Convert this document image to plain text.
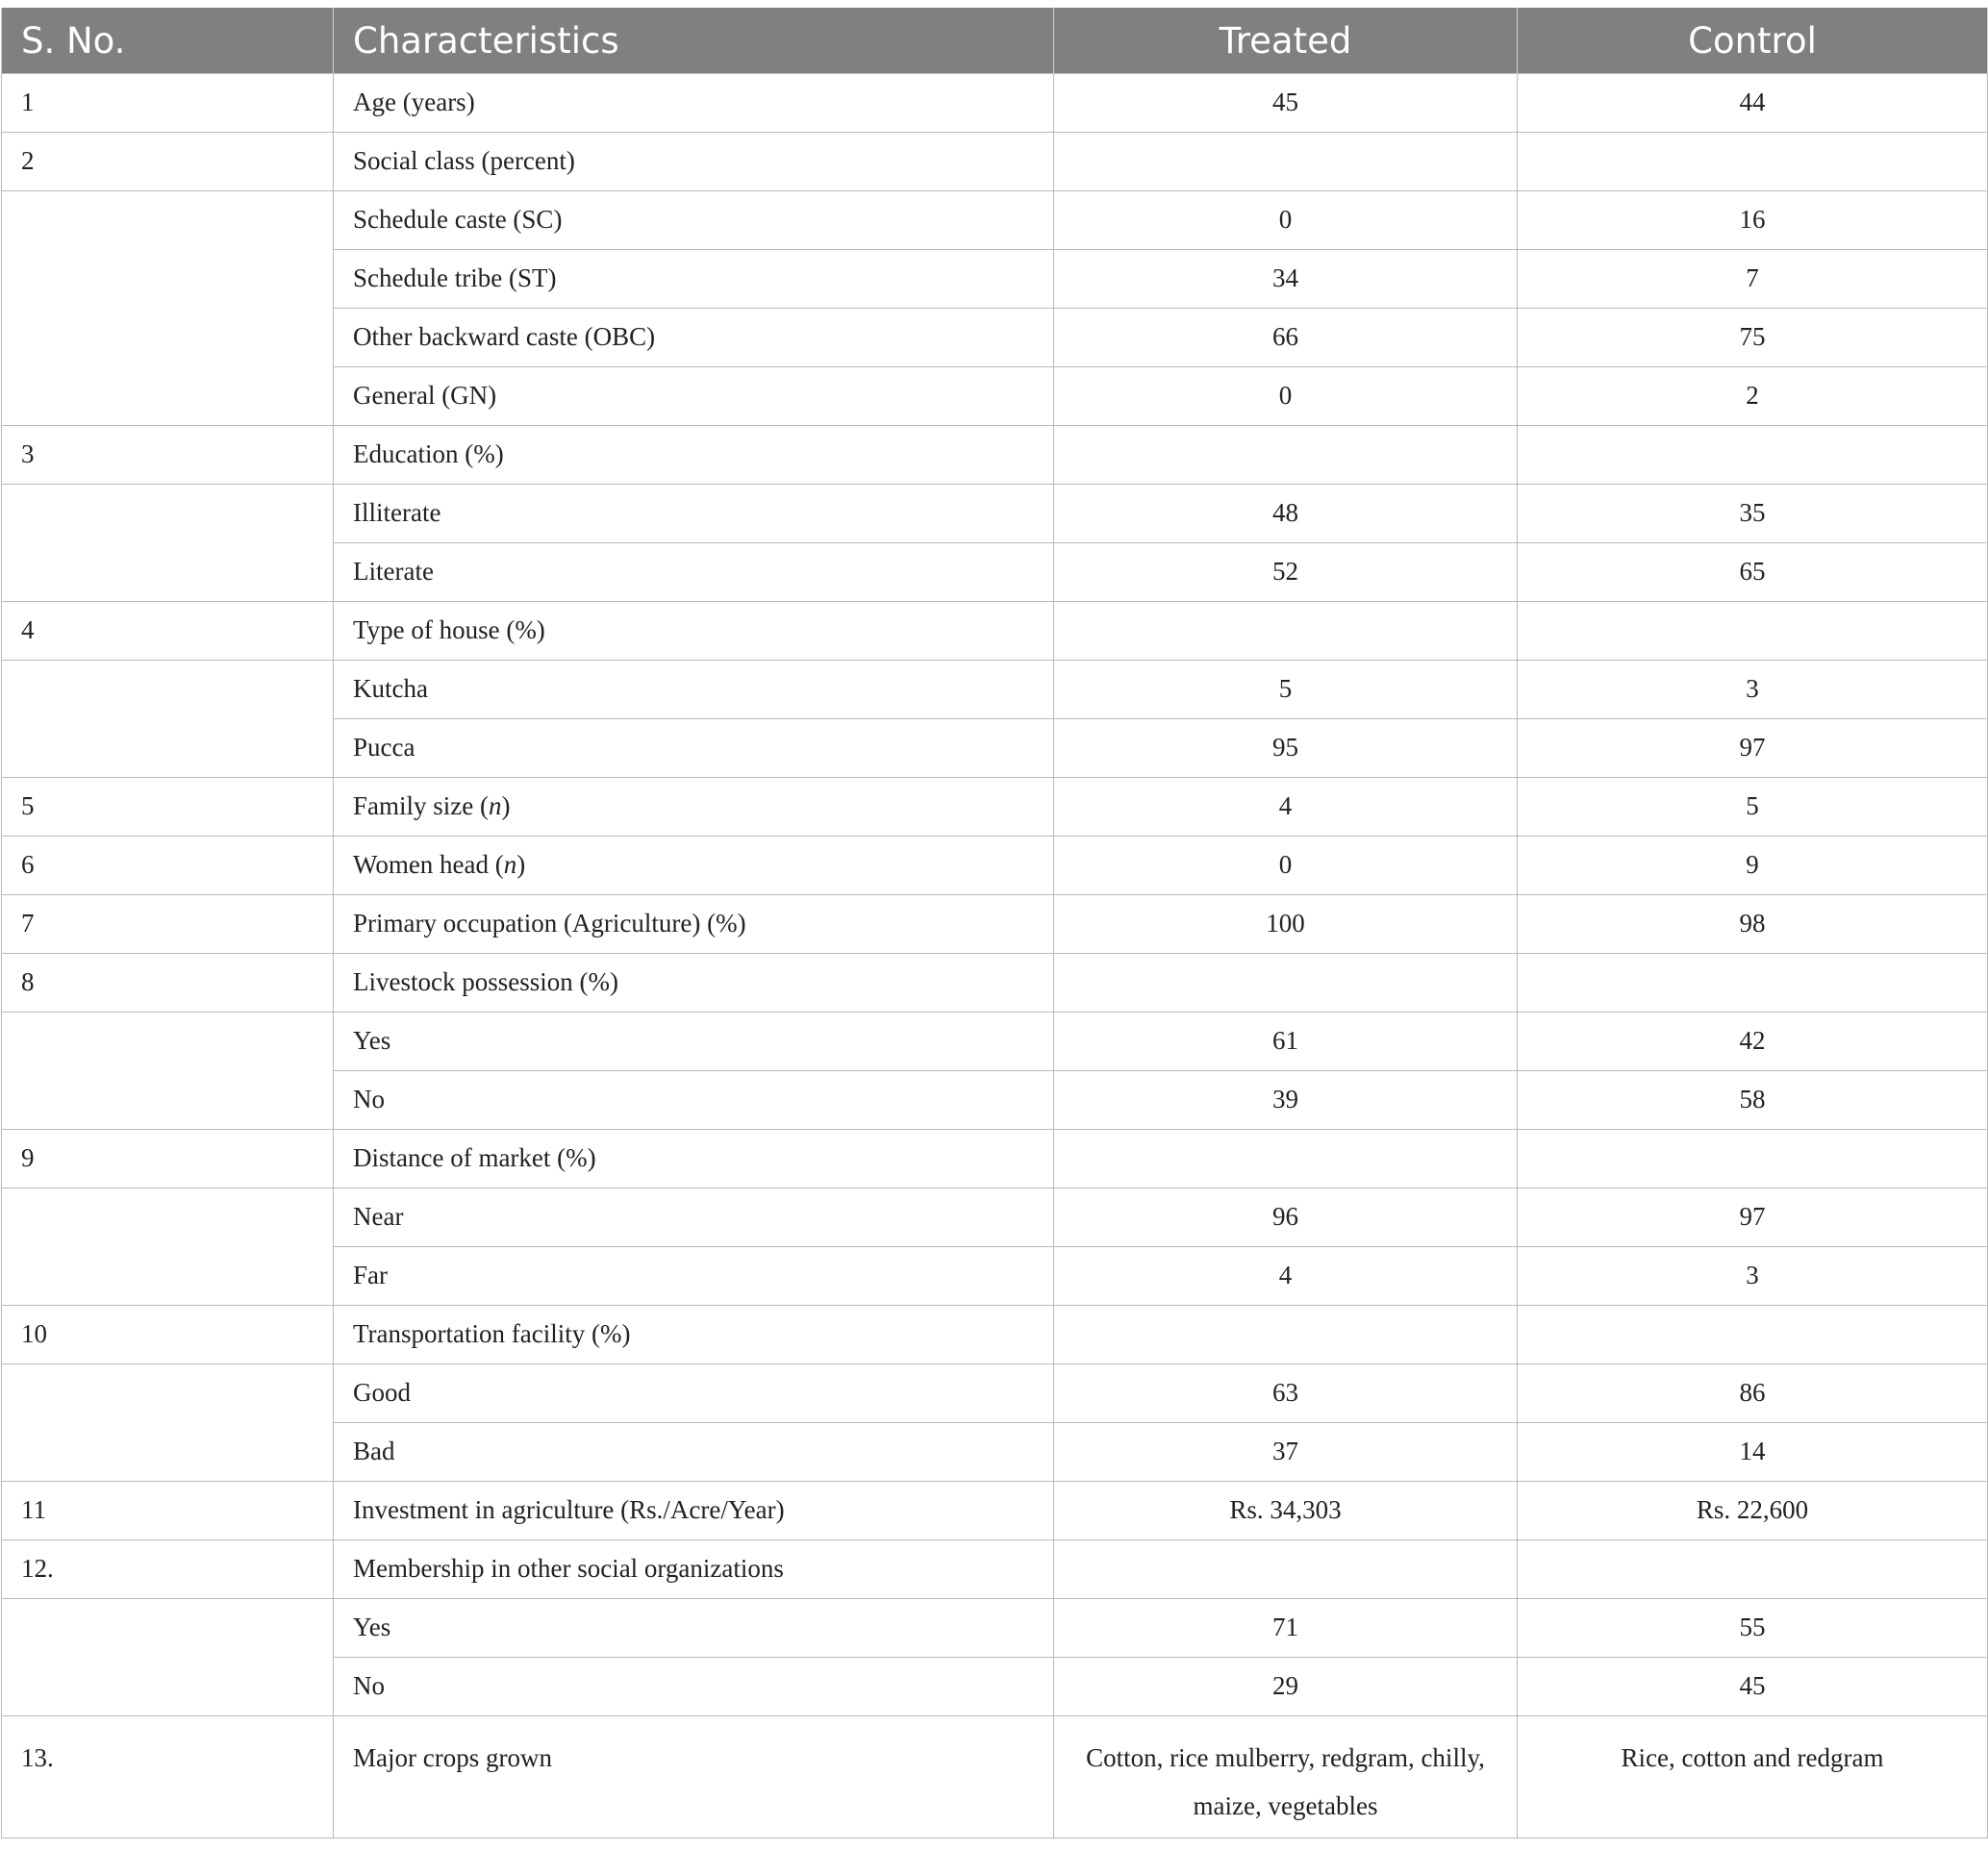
S. No.	Characteristics	Treated	Control
1	Age (years)	45	44
2	Social class (percent)		
	Schedule caste (SC)	0	16
	Schedule tribe (ST)	34	7
	Other backward caste (OBC)	66	75
	General (GN)	0	2
3	Education (%)		
	Illiterate	48	35
	Literate	52	65
4	Type of house (%)		
	Kutcha	5	3
	Pucca	95	97
5	Family size (n)	4	5
6	Women head (n)	0	9
7	Primary occupation (Agriculture) (%)	100	98
8	Livestock possession (%)		
	Yes	61	42
	No	39	58
9	Distance of market (%)		
	Near	96	97
	Far	4	3
10	Transportation facility (%)		
	Good	63	86
	Bad	37	14
11	Investment in agriculture (Rs./Acre/Year)	Rs. 34,303	Rs. 22,600
12.	Membership in other social organizations		
	Yes	71	55
	No	29	45
13.	Major crops grown	Cotton, rice mulberry, redgram, chilly, maize, vegetables	Rice, cotton and redgram
